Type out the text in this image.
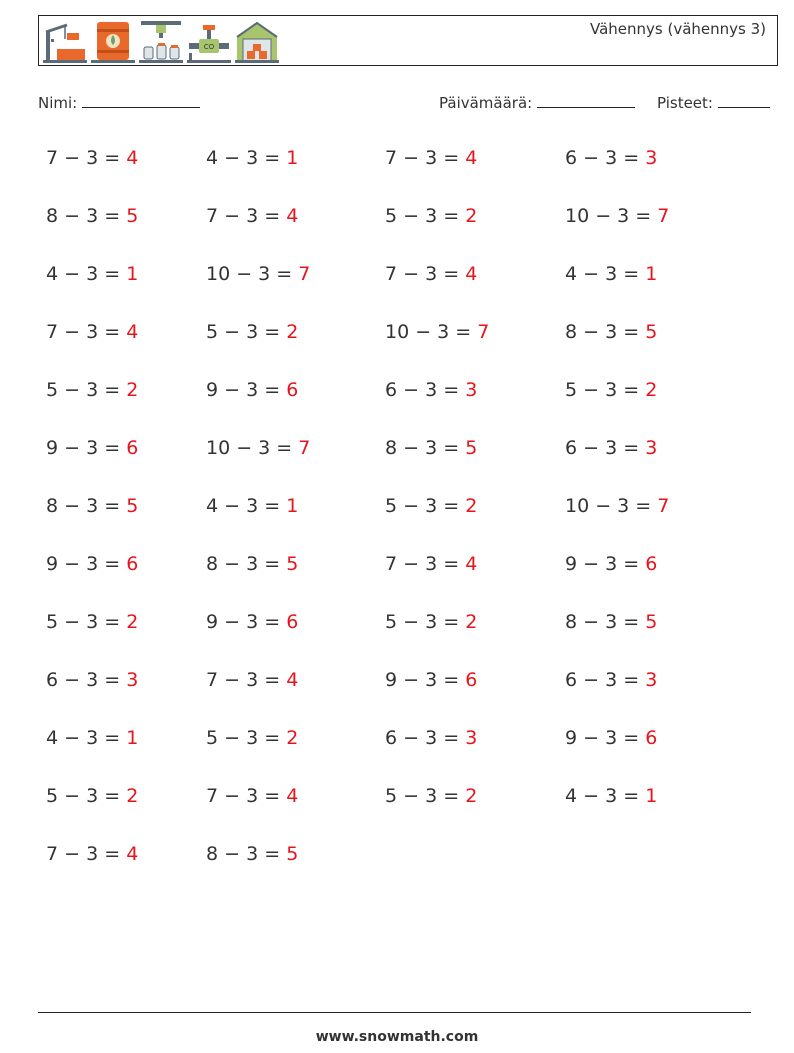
CO
Vähennys (vähennys 3)
Nimi:	Päivämäärä:	Pisteet:
7 − 3 = 4	4 − 3 = 1	7 − 3 = 4	6 − 3 = 3
8 − 3 = 5	7 − 3 = 4	5 − 3 = 2	10 − 3 = 7
4 − 3 = 1	10 − 3 = 7	7 − 3 = 4	4 − 3 = 1
7 − 3 = 4	5 − 3 = 2	10 − 3 = 7	8 − 3 = 5
5 − 3 = 2	9 − 3 = 6	6 − 3 = 3	5 − 3 = 2
9 − 3 = 6	10 − 3 = 7	8 − 3 = 5	6 − 3 = 3
8 − 3 = 5	4 − 3 = 1	5 − 3 = 2	10 − 3 = 7
9 − 3 = 6	8 − 3 = 5	7 − 3 = 4	9 − 3 = 6
5 − 3 = 2	9 − 3 = 6	5 − 3 = 2	8 − 3 = 5
6 − 3 = 3	7 − 3 = 4	9 − 3 = 6	6 − 3 = 3
4 − 3 = 1	5 − 3 = 2	6 − 3 = 3	9 − 3 = 6
5 − 3 = 2	7 − 3 = 4	5 − 3 = 2	4 − 3 = 1
7 − 3 = 4	8 − 3 = 5
www.snowmath.com
